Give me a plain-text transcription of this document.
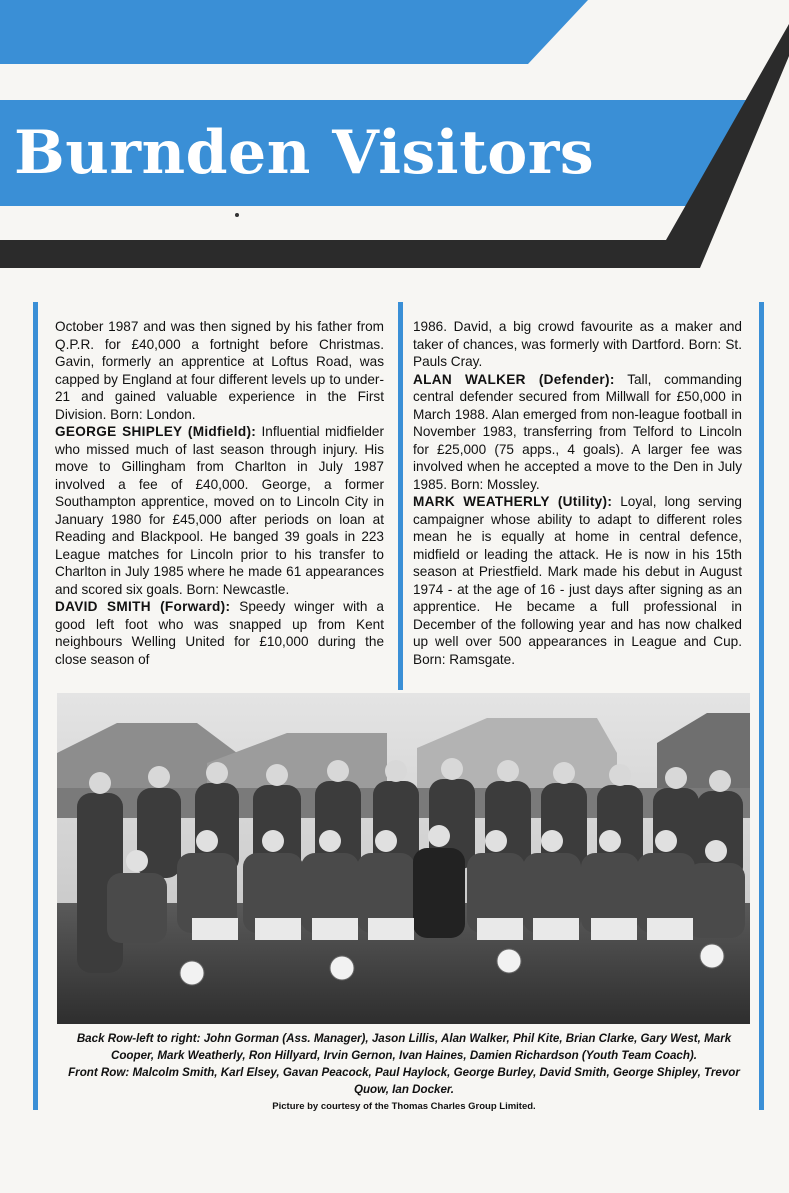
Burnden Visitors

October 1987 and was then signed by his father from Q.P.R. for £40,000 a fortnight before Christmas. Gavin, formerly an apprentice at Loftus Road, was capped by England at four different levels up to under-21 and gained valuable experience in the First Division. Born: London.

GEORGE SHIPLEY (Midfield): Influential midfielder who missed much of last season through injury. His move to Gillingham from Charlton in July 1987 involved a fee of £40,000. George, a former Southampton apprentice, moved on to Lincoln City in January 1980 for £45,000 after periods on loan at Reading and Blackpool. He banged 39 goals in 223 League matches for Lincoln prior to his transfer to Charlton in July 1985 where he made 61 appearances and scored six goals. Born: Newcastle.

DAVID SMITH (Forward): Speedy winger with a good left foot who was snapped up from Kent neighbours Welling United for £10,000 during the close season of

1986. David, a big crowd favourite as a maker and taker of chances, was formerly with Dartford. Born: St. Pauls Cray.

ALAN WALKER (Defender): Tall, commanding central defender secured from Millwall for £50,000 in March 1988. Alan emerged from non-league football in November 1983, transferring from Telford to Lincoln for £25,000 (75 apps., 4 goals). A larger fee was involved when he accepted a move to the Den in July 1985. Born: Mossley.

MARK WEATHERLY (Utility): Loyal, long serving campaigner whose ability to adapt to different roles mean he is equally at home in central defence, midfield or leading the attack. He is now in his 15th season at Priestfield. Mark made his debut in August 1974 - at the age of 16 - just days after signing as an apprentice. He became a full professional in December of the following year and has now chalked up well over 500 appearances in League and Cup. Born: Ramsgate.

Back Row-left to right: John Gorman (Ass. Manager), Jason Lillis, Alan Walker, Phil Kite, Brian Clarke, Gary West, Mark Cooper, Mark Weatherly, Ron Hillyard, Irvin Gernon, Ivan Haines, Damien Richardson (Youth Team Coach).

Front Row: Malcolm Smith, Karl Elsey, Gavan Peacock, Paul Haylock, George Burley, David Smith, George Shipley, Trevor Quow, Ian Docker.

Picture by courtesy of the Thomas Charles Group Limited.
